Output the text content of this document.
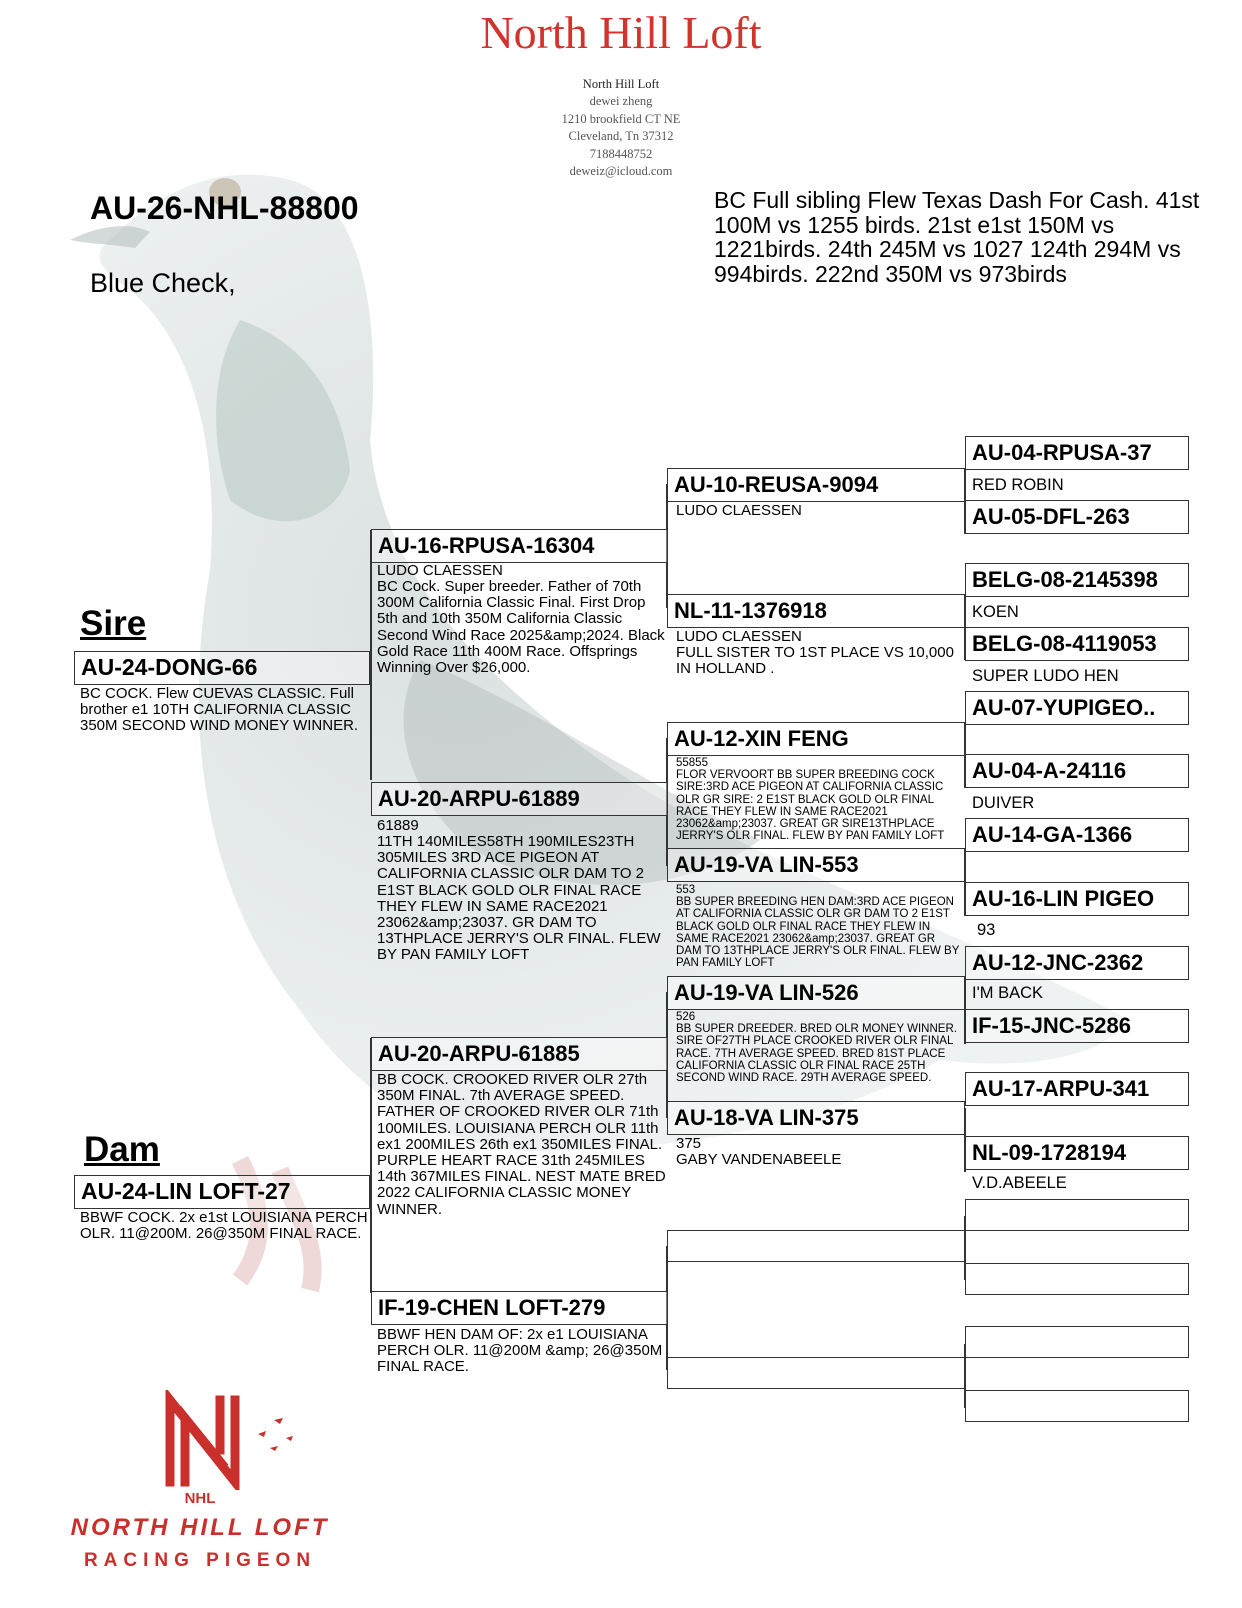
North Hill Loft
North Hill Loft
dewei zheng
1210 brookfield CT NE
Cleveland, Tn 37312
7188448752
deweiz@icloud.com
AU-26-NHL-88800
Blue Check,
BC Full sibling Flew Texas Dash For Cash. 41st 100M vs 1255 birds. 21st e1st 150M vs 1221birds. 24th 245M vs 1027 124th 294M vs 994birds. 222nd 350M vs 973birds
Sire
AU-24-DONG-66
BC COCK. Flew CUEVAS CLASSIC. Full brother e1 10TH CALIFORNIA CLASSIC 350M SECOND WIND MONEY WINNER.
Dam
AU-24-LIN LOFT-27
BBWF COCK. 2x e1st LOUISIANA PERCH OLR. 11@200M. 26@350M FINAL RACE.
AU-16-RPUSA-16304
LUDO CLAESSEN
BC Cock. Super breeder. Father of 70th 300M California Classic Final. First Drop 5th and 10th 350M California Classic Second Wind Race 2025&amp;2024. Black Gold Race 11th 400M Race. Offsprings Winning Over $26,000.
AU-20-ARPU-61889
61889
11TH 140MILES58TH 190MILES23TH 305MILES 3RD ACE PIGEON AT CALIFORNIA CLASSIC OLR DAM TO 2 E1ST BLACK GOLD OLR FINAL RACE THEY FLEW IN SAME RACE2021 23062&amp;23037. GR DAM TO 13THPLACE JERRY'S OLR FINAL. FLEW BY PAN FAMILY LOFT
AU-20-ARPU-61885
BB COCK. CROOKED RIVER OLR 27th 350M FINAL. 7th AVERAGE SPEED. FATHER OF CROOKED RIVER OLR 71th 100MILES. LOUISIANA PERCH OLR 11th ex1 200MILES 26th ex1 350MILES FINAL. PURPLE HEART RACE 31th 245MILES 14th 367MILES FINAL. NEST MATE BRED 2022 CALIFORNIA CLASSIC MONEY WINNER.
IF-19-CHEN LOFT-279
BBWF HEN DAM OF: 2x e1 LOUISIANA PERCH OLR. 11@200M &amp; 26@350M FINAL RACE.
AU-10-REUSA-9094
LUDO CLAESSEN
NL-11-1376918
LUDO CLAESSEN
FULL SISTER TO 1ST PLACE VS 10,000 IN HOLLAND .
AU-12-XIN FENG
55855
FLOR VERVOORT BB SUPER BREEDING COCK SIRE:3RD ACE PIGEON AT CALIFORNIA CLASSIC OLR GR SIRE: 2 E1ST BLACK GOLD OLR FINAL RACE THEY FLEW IN SAME RACE2021 23062&amp;23037. GREAT GR SIRE13THPLACE JERRY'S OLR FINAL. FLEW BY PAN FAMILY LOFT
AU-19-VA LIN-553
553
BB SUPER BREEDING HEN DAM:3RD ACE PIGEON AT CALIFORNIA CLASSIC OLR GR DAM TO 2 E1ST BLACK GOLD OLR FINAL RACE THEY FLEW IN SAME RACE2021 23062&amp;23037. GREAT GR DAM TO 13THPLACE JERRY'S OLR FINAL. FLEW BY PAN FAMILY LOFT
AU-19-VA LIN-526
526
BB SUPER DREEDER. BRED OLR MONEY WINNER. SIRE OF27TH PLACE CROOKED RIVER OLR FINAL RACE. 7TH AVERAGE SPEED. BRED 81ST PLACE CALIFORNIA CLASSIC OLR FINAL RACE 25TH SECOND WIND RACE. 29TH AVERAGE SPEED.
AU-18-VA LIN-375
375
GABY VANDENABEELE
AU-04-RPUSA-37
RED ROBIN
AU-05-DFL-263
BELG-08-2145398
KOEN
BELG-08-4119053
SUPER LUDO HEN
AU-07-YUPIGEO..
AU-04-A-24116
DUIVER
AU-14-GA-1366
AU-16-LIN PIGEO
93
AU-12-JNC-2362
I'M BACK
IF-15-JNC-5286
AU-17-ARPU-341
NL-09-1728194
V.D.ABEELE
NHL
NORTH HILL LOFT
RACING PIGEON
